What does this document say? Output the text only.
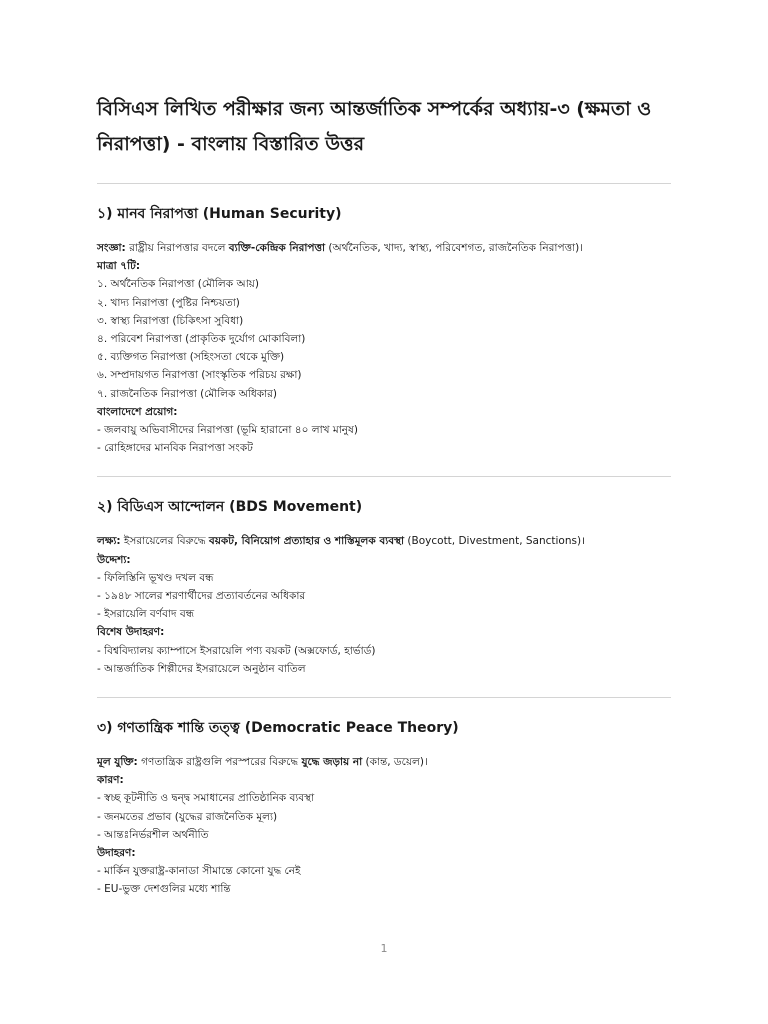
বিসিএস লিখিত পরীক্ষার জন্য আন্তর্জাতিক সম্পর্কের অধ্যায়-৩ (ক্ষমতা ও নিরাপত্তা) - বাংলায় বিস্তারিত উত্তর
১) মানব নিরাপত্তা (Human Security)
সংজ্ঞা: রাষ্ট্রীয় নিরাপত্তার বদলে ব্যক্তি-কেন্দ্রিক নিরাপত্তা (অর্থনৈতিক, খাদ্য, স্বাস্থ্য, পরিবেশগত, রাজনৈতিক নিরাপত্তা)।
মাত্রা ৭টি:
১. অর্থনৈতিক নিরাপত্তা (মৌলিক আয়)
২. খাদ্য নিরাপত্তা (পুষ্টির নিশ্চয়তা)
৩. স্বাস্থ্য নিরাপত্তা (চিকিৎসা সুবিধা)
৪. পরিবেশ নিরাপত্তা (প্রাকৃতিক দুর্যোগ মোকাবিলা)
৫. ব্যক্তিগত নিরাপত্তা (সহিংসতা থেকে মুক্তি)
৬. সম্প্রদায়গত নিরাপত্তা (সাংস্কৃতিক পরিচয় রক্ষা)
৭. রাজনৈতিক নিরাপত্তা (মৌলিক অধিকার)
বাংলাদেশে প্রয়োগ:
- জলবায়ু অভিবাসীদের নিরাপত্তা (ভূমি হারানো ৪০ লাখ মানুষ)
- রোহিঙ্গাদের মানবিক নিরাপত্তা সংকট
২) বিডিএস আন্দোলন (BDS Movement)
লক্ষ্য: ইসরায়েলের বিরুদ্ধে বয়কট, বিনিয়োগ প্রত্যাহার ও শাস্তিমূলক ব্যবস্থা (Boycott, Divestment, Sanctions)।
উদ্দেশ্য:
- ফিলিস্তিনি ভূখণ্ড দখল বন্ধ
- ১৯৪৮ সালের শরণার্থীদের প্রত্যাবর্তনের অধিকার
- ইসরায়েলি বর্ণবাদ বন্ধ
বিশেষ উদাহরণ:
- বিশ্ববিদ্যালয় ক্যাম্পাসে ইসরায়েলি পণ্য বয়কট (অক্সফোর্ড, হার্ভার্ড)
- আন্তর্জাতিক শিল্পীদের ইসরায়েলে অনুষ্ঠান বাতিল
৩) গণতান্ত্রিক শান্তি তত্ত্ব (Democratic Peace Theory)
মূল যুক্তি: গণতান্ত্রিক রাষ্ট্রগুলি পরস্পরের বিরুদ্ধে যুদ্ধে জড়ায় না (কান্ত, ডয়েল)।
কারণ:
- স্বচ্ছ কূটনীতি ও দ্বন্দ্ব সমাধানের প্রাতিষ্ঠানিক ব্যবস্থা
- জনমতের প্রভাব (যুদ্ধের রাজনৈতিক মূল্য)
- আন্তঃনির্ভরশীল অর্থনীতি
উদাহরণ:
- মার্কিন যুক্তরাষ্ট্র-কানাডা সীমান্তে কোনো যুদ্ধ নেই
- EU-ভুক্ত দেশগুলির মধ্যে শান্তি
1
